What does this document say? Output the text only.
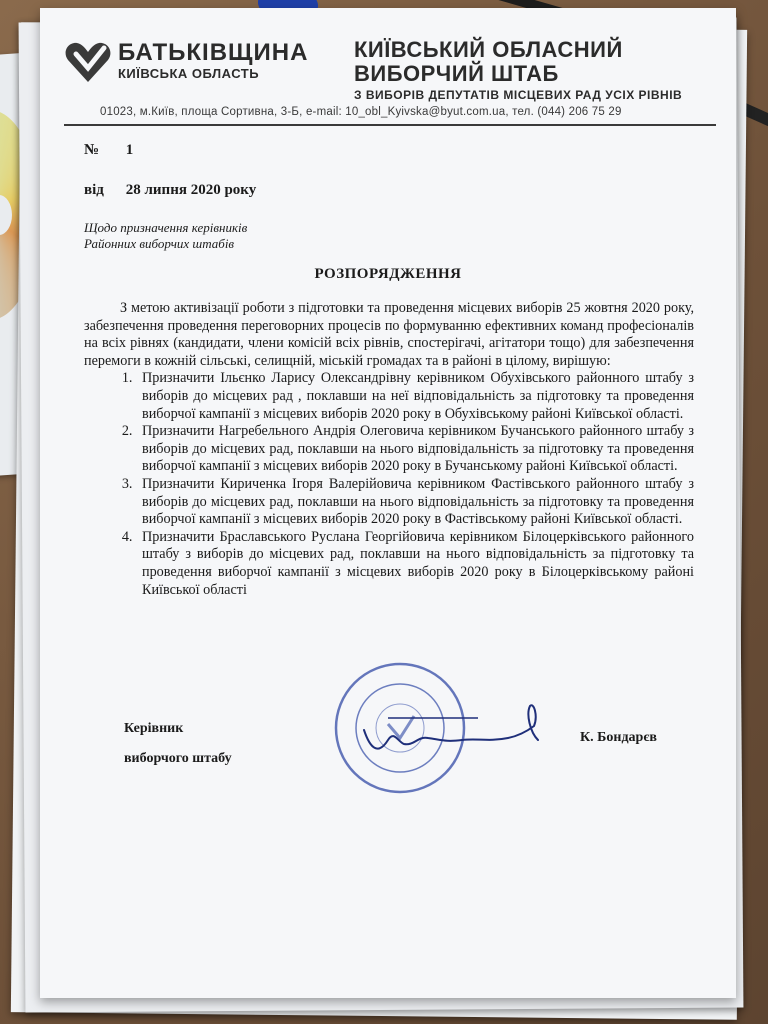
БАТЬКІВЩИНА
КИЇВСЬКА ОБЛАСТЬ
КИЇВСЬКИЙ ОБЛАСНИЙ
ВИБОРЧИЙ ШТАБ
З ВИБОРІВ ДЕПУТАТІВ МІСЦЕВИХ РАД УСІХ РІВНІВ
01023, м.Київ, площа Сортивна, 3-Б, e-mail: 10_obl_Kyivska@byut.com.ua, тел. (044) 206 75 29
№ 1
від 28 липня 2020 року
Щодо призначення керівників
Районних виборчих штабів
РОЗПОРЯДЖЕННЯ

З метою активізації роботи з підготовки та проведення місцевих виборів 25 жовтня 2020 року, забезпечення проведення переговорних процесів по формуванню ефективних команд професіоналів на всіх рівнях (кандидати, члени комісій всіх рівнів, спостерігачі, агітатори тощо) для забезпечення перемоги в кожній сільські, селищній, міській громадах та в районі в цілому, вирішую:

1. Призначити Ільєнко Ларису Олександрівну керівником Обухівського районного штабу з виборів до місцевих рад , поклавши на неї відповідальність за підготовку та проведення виборчої кампанії з місцевих виборів 2020 року в Обухівському районі Київської області.
2. Призначити Нагребельного Андрія Олеговича керівником Бучанського районного штабу з виборів до місцевих рад, поклавши на нього відповідальність за підготовку та проведення виборчої кампанії з місцевих виборів 2020 року в Бучанському районі Київської області.
3. Призначити Кириченка Ігоря Валерійовича керівником Фастівського районного штабу з виборів до місцевих рад, поклавши на нього відповідальність за підготовку та проведення виборчої кампанії з місцевих виборів 2020 року в Фастівському районі Київської області.
4. Призначити Браславського Руслана Георгійовича керівником Білоцерківського районного штабу з виборів до місцевих рад, поклавши на нього відповідальність за підготовку та проведення виборчої кампанії з місцевих виборів 2020 року в Білоцерківському районі Київської області
Керівник
виборчого штабу
К. Бондарєв
